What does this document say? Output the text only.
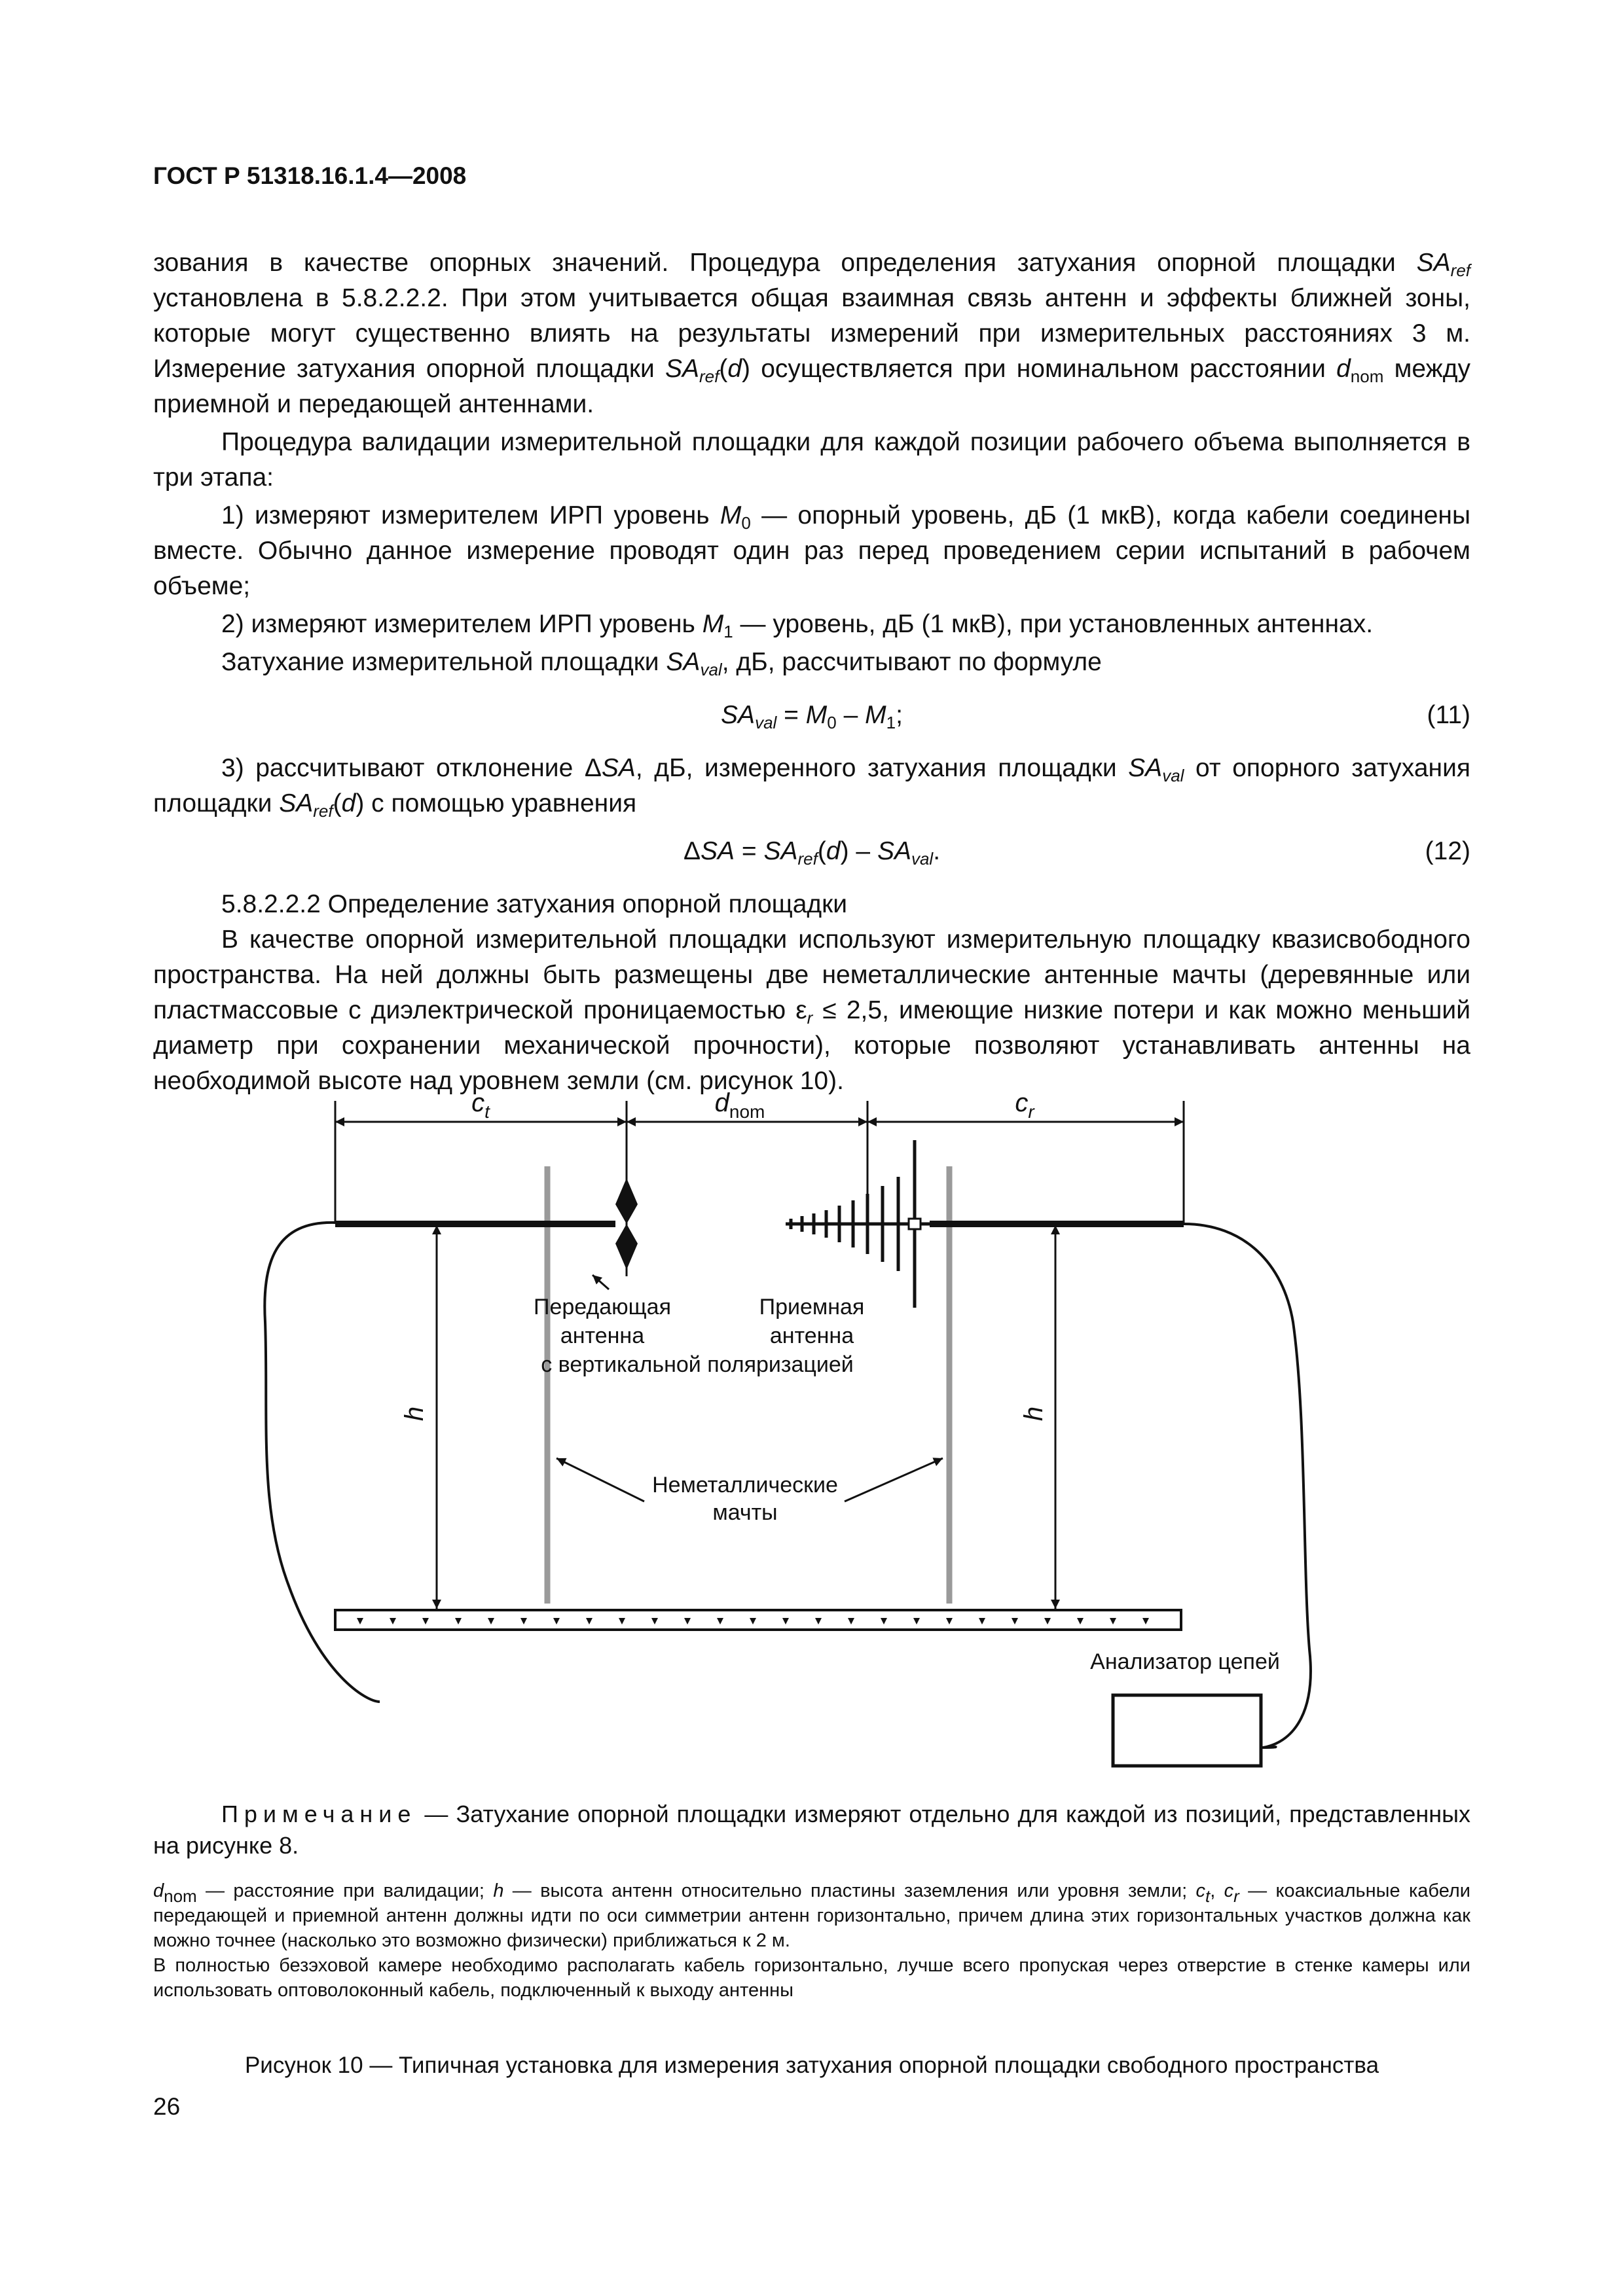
ГОСТ Р 51318.16.1.4—2008

зования в качестве опорных значений. Процедура определения затухания опорной площадки $SA_{ref}$ установлена в 5.8.2.2.2. При этом учитывается общая взаимная связь антенн и эффекты ближней зоны, которые могут существенно влиять на результаты измерений при измерительных расстояниях 3 м. Измерение затухания опорной площадки $SA_{ref}(d)$ осуществляется при номинальном расстоянии $d_{nom}$ между приемной и передающей антеннами.

Процедура валидации измерительной площадки для каждой позиции рабочего объема выполняется в три этапа:

1) измеряют измерителем ИРП уровень $M_0$ — опорный уровень, дБ (1 мкВ), когда кабели соединены вместе. Обычно данное измерение проводят один раз перед проведением серии испытаний в рабочем объеме;

2) измеряют измерителем ИРП уровень $M_1$ — уровень, дБ (1 мкВ), при установленных антеннах.

Затухание измерительной площадки $SA_{val}$, дБ, рассчитывают по формуле

$SA_{val} = M_0 - M_1$;	(11)

3) рассчитывают отклонение ΔSA, дБ, измеренного затухания площадки $SA_{val}$ от опорного затухания площадки $SA_{ref}(d)$ с помощью уравнения

$\Delta SA = SA_{ref}(d) - SA_{val}$.	(12)

5.8.2.2.2 Определение затухания опорной площадки

В качестве опорной измерительной площадки используют измерительную площадку квазисвободного пространства. На ней должны быть размещены две неметаллические антенные мачты (деревянные или пластмассовые с диэлектрической проницаемостью $\varepsilon_r \le 2,5$, имеющие низкие потери и как можно меньший диаметр при сохранении механической прочности), которые позволяют устанавливать антенны на необходимой высоте над уровнем земли (см. рисунок 10).

$c_t$	$d_{nom}$	$c_r$
Передающая
антенна
Приемная
антенна
с вертикальной поляризацией
h	h
Неметаллические
мачты
Анализатор цепей

Примечание — Затухание опорной площадки измеряют отдельно для каждой из позиций, представленных на рисунке 8.

$d_{nom}$ — расстояние при валидации; h — высота антенн относительно пластины заземления или уровня земли; $c_t$, $c_r$ — коаксиальные кабели передающей и приемной антенн должны идти по оси симметрии антенн горизонтально, причем длина этих горизонтальных участков должна как можно точнее (насколько это возможно физически) приближаться к 2 м.

В полностью безэховой камере необходимо располагать кабель горизонтально, лучше всего пропуская через отверстие в стенке камеры или использовать оптоволоконный кабель, подключенный к выходу антенны

Рисунок 10 — Типичная установка для измерения затухания опорной площадки свободного пространства
26
